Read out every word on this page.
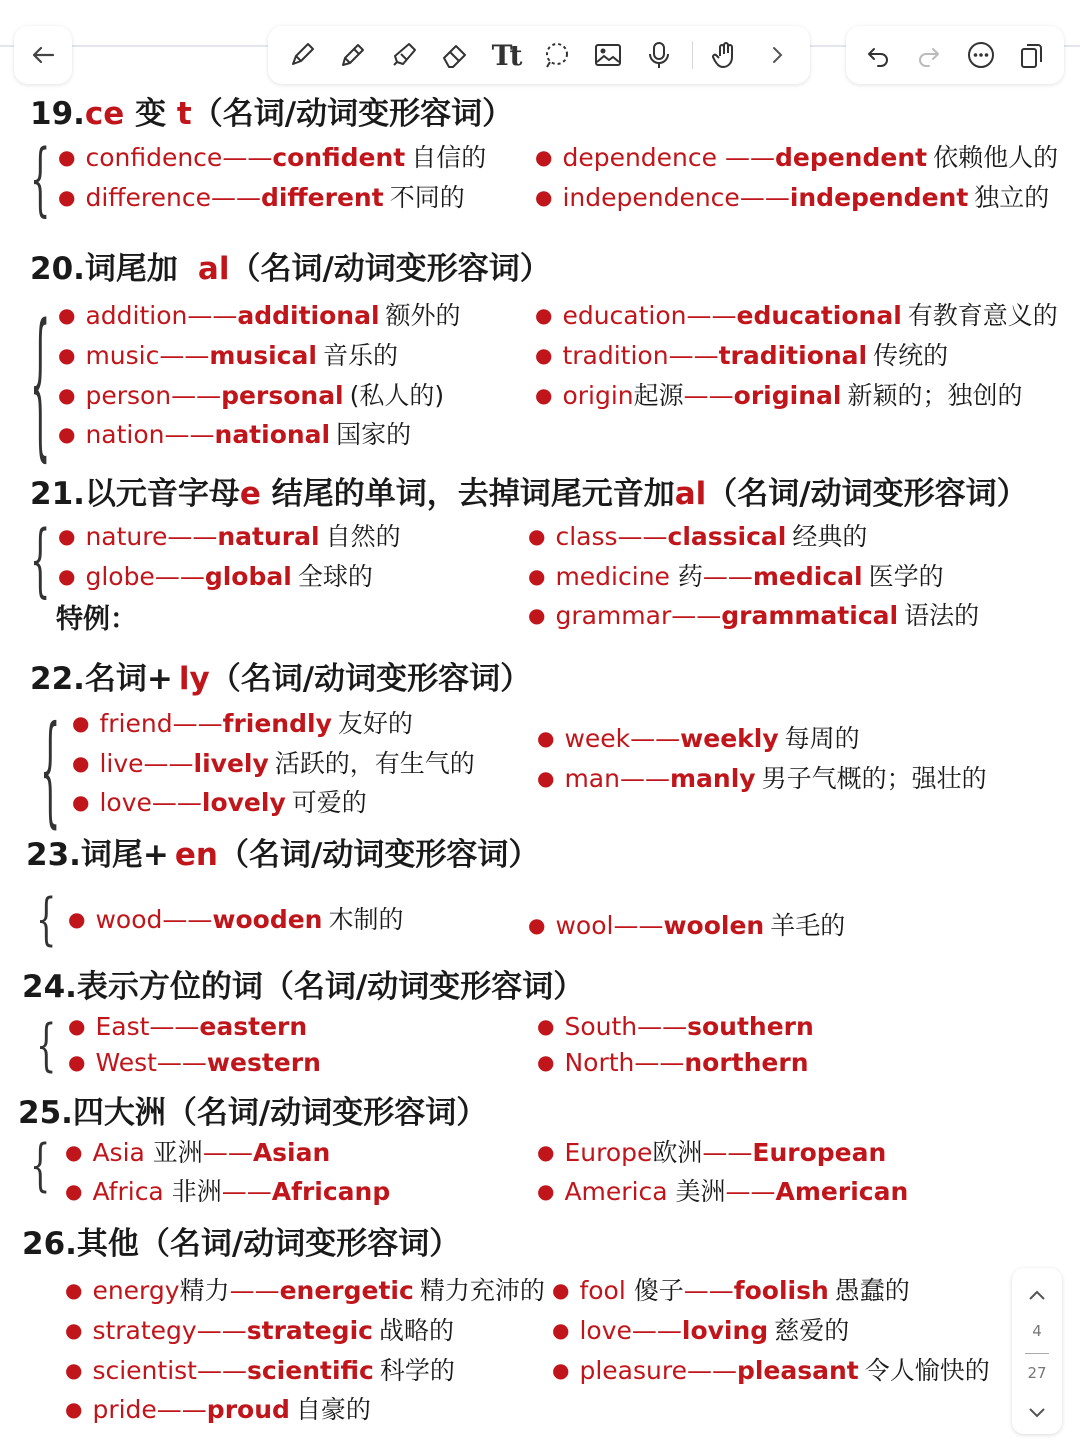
Tt
19.ce 变 t（名词/动词变形容词）
{ ● confidence——confident 自信的
● difference——different 不同的
● dependence ——dependent 依赖他人的
● independence——independent 独立的
20.词尾加 al（名词/动词变形容词）
{ ● addition——additional 额外的
● music——musical 音乐的
● person——personal (私人的)
● nation——national 国家的
● education——educational 有教育意义的
● tradition——traditional 传统的
● origin起源——original 新颖的；独创的
21.以元音字母e 结尾的单词，去掉词尾元音加al（名词/动词变形容词）
{
特例：
● nature——natural 自然的
● globe——global 全球的
● class——classical 经典的
● medicine 药——medical 医学的
● grammar——grammatical 语法的
22.名词+ ly（名词/动词变形容词）
{ ● friend——friendly 友好的
● live——lively 活跃的，有生气的
● love——lovely 可爱的
● week——weekly 每周的
● man——manly 男子气概的；强壮的
23.词尾+ en（名词/动词变形容词）
{ ● wood——wooden 木制的	● wool——woolen 羊毛的
24.表示方位的词（名词/动词变形容词）
{ ● East——eastern
● West——western
● South——southern
● North——northern
25.四大洲（名词/动词变形容词）
{ ● Asia 亚洲——Asian
● Africa 非洲——Africanp
● Europe欧洲——European
● America 美洲——American
26.其他（名词/动词变形容词）
● energy精力——energetic 精力充沛的
● strategy——strategic 战略的
● scientist——scientific 科学的
● pride——proud 自豪的
● fool 傻子——foolish 愚蠢的
● love——loving 慈爱的
● pleasure——pleasant 令人愉快的
4
27
